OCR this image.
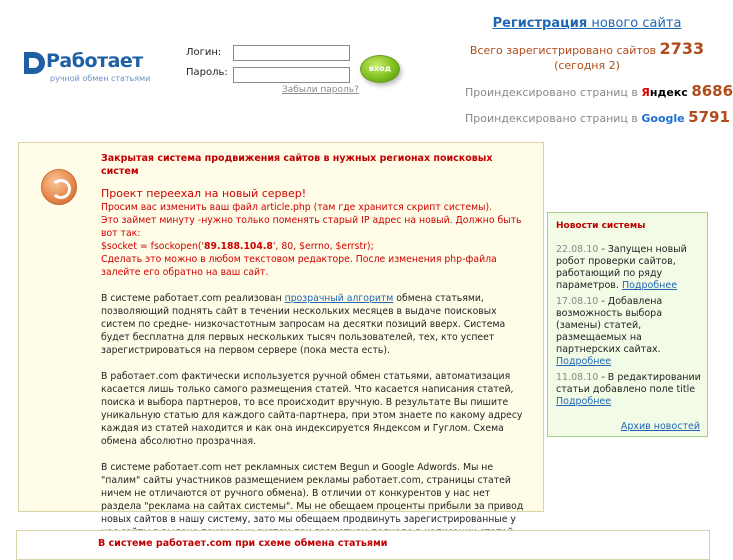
Работает
ручной обмен статьями
Логин:
Пароль:
Забыли пароль?
вход
Регистрация нового сайта
Всего зарегистрировано сайтов 2733
(сегодня 2)
Проиндексировано страниц в Яндекс 8686
Проиндексировано страниц в Google 5791
Закрытая система продвижения сайтов в нужных регионах поисковых систем
Проект переехал на новый сервер!
Просим вас изменить ваш файл article.php (там где хранится скрипт системы).
Это займет минуту -нужно только поменять старый IP адрес на новый. Должно быть вот так:
$socket = fsockopen('89.188.104.8', 80, $errno, $errstr);
Сделать это можно в любом текстовом редакторе. После изменения php-файла залейте его обратно на ваш сайт.
В системе работает.com реализован прозрачный алгоритм обмена статьями, позволяющий поднять сайт в течении нескольких месяцев в выдаче поисковых систем по средне- низкочастотным запросам на десятки позиций вверх. Система будет бесплатна для первых нескольких тысяч пользователей, тех, кто успеет зарегистрироваться на первом сервере (пока места есть).
В работает.com фактически используется ручной обмен статьями, автоматизация касается лишь только самого размещения статей. Что касается написания статей, поиска и выбора партнеров, то все происходит вручную. В результате Вы пишите уникальную статью для каждого сайта-партнера, при этом знаете по какому адресу каждая из статей находится и как она индексируется Яндексом и Гуглом. Схема обмена абсолютно прозрачная.
В системе работает.com нет рекламных систем Begun и Google Adwords. Мы не "палим" сайты участников размещением рекламы работает.com, страницы статей ничем не отличаются от ручного обмена). В отличии от конкурентов у нас нет раздела "реклама на сайтах системы". Мы не обещаем проценты прибыли за привод новых сайтов в нашу систему, зато мы обещаем продвинуть зарегистрированные у
Новости системы
22.08.10 - Запущен новый робот проверки сайтов, работающий по ряду параметров. Подробнее
17.08.10 - Добавлена возможность выбора (замены) статей, размещаемых на партнерских сайтах.
Подробнее
11.08.10 - В редактировании статьи добавлено поле title
Подробнее
Архив новостей
В системе работает.com при схеме обмена статьями
